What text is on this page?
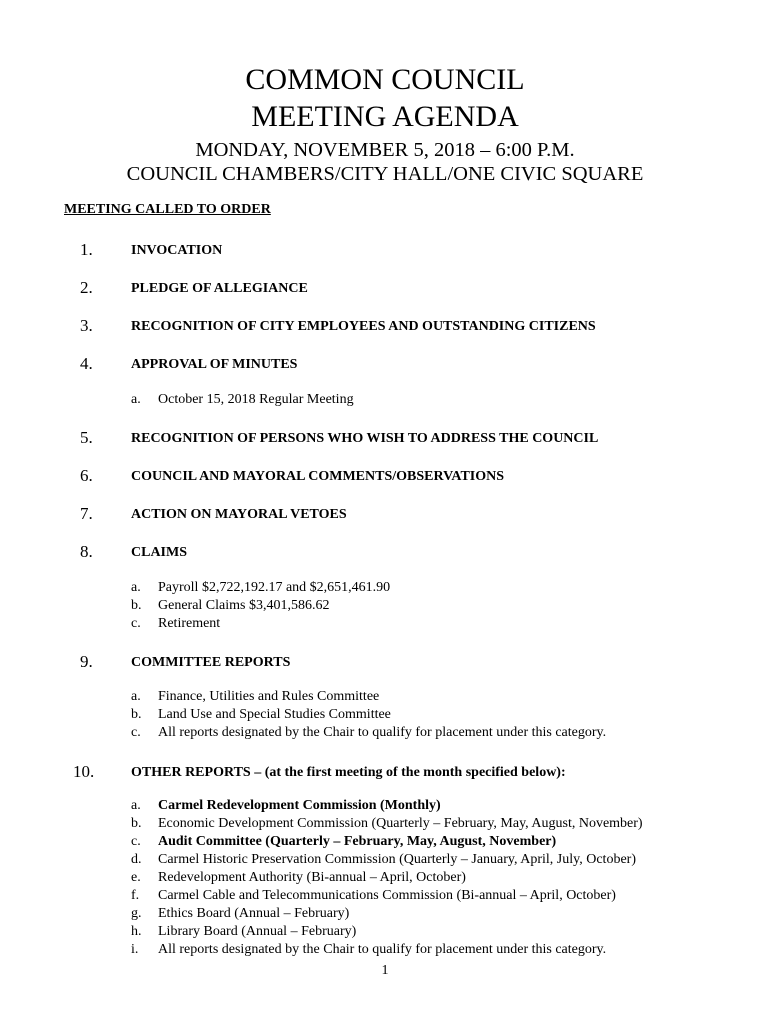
COMMON COUNCIL
MEETING AGENDA
MONDAY, NOVEMBER 5, 2018 – 6:00 P.M.
COUNCIL CHAMBERS/CITY HALL/ONE CIVIC SQUARE
MEETING CALLED TO ORDER
1.	INVOCATION
2.	PLEDGE OF ALLEGIANCE
3.	RECOGNITION OF CITY EMPLOYEES AND OUTSTANDING CITIZENS
4.	APPROVAL OF MINUTES
a. October 15, 2018 Regular Meeting
5.	RECOGNITION OF PERSONS WHO WISH TO ADDRESS THE COUNCIL
6.	COUNCIL AND MAYORAL COMMENTS/OBSERVATIONS
7.	ACTION ON MAYORAL VETOES
8.	CLAIMS
a. Payroll $2,722,192.17 and $2,651,461.90
b. General Claims $3,401,586.62
c. Retirement
9.	COMMITTEE REPORTS
a. Finance, Utilities and Rules Committee
b. Land Use and Special Studies Committee
c. All reports designated by the Chair to qualify for placement under this category.
10.	OTHER REPORTS – (at the first meeting of the month specified below):
a. Carmel Redevelopment Commission (Monthly)
b. Economic Development Commission (Quarterly – February, May, August, November)
c. Audit Committee (Quarterly – February, May, August, November)
d. Carmel Historic Preservation Commission (Quarterly – January, April, July, October)
e. Redevelopment Authority (Bi-annual – April, October)
f. Carmel Cable and Telecommunications Commission (Bi-annual – April, October)
g. Ethics Board (Annual – February)
h. Library Board (Annual – February)
i. All reports designated by the Chair to qualify for placement under this category.
1
